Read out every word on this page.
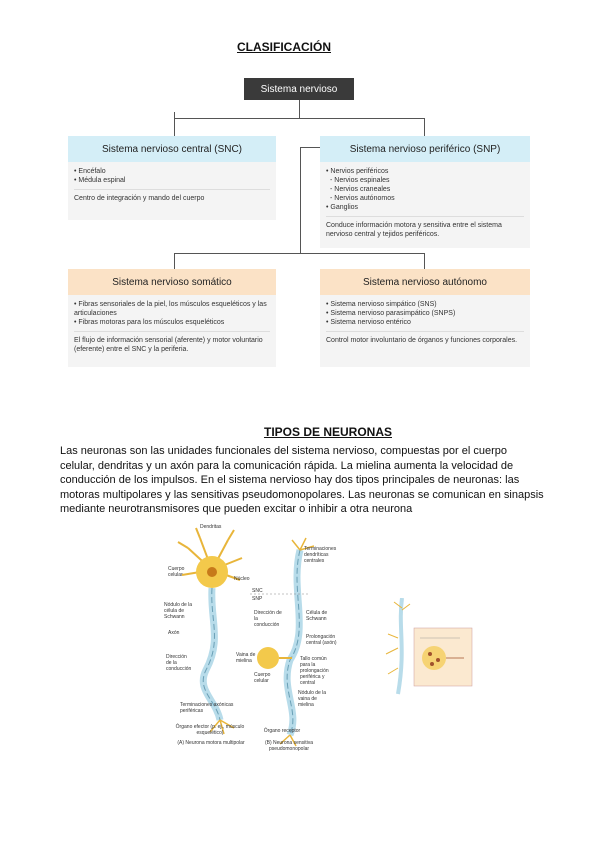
CLASIFICACIÓN
Sistema nervioso
Sistema nervioso central (SNC)
• Encéfalo
• Médula espinal
Centro de integración y mando del cuerpo
Sistema nervioso periférico (SNP)
• Nervios periféricos
- Nervios espinales
- Nervios craneales
- Nervios autónomos
• Ganglios
Conduce información motora y sensitiva entre el sistema nervioso central y tejidos periféricos.
Sistema nervioso somático
• Fibras sensoriales de la piel, los músculos esqueléticos y las articulaciones
• Fibras motoras para los músculos esqueléticos
El flujo de información sensorial (aferente) y motor voluntario (eferente) entre el SNC y la periferia.
Sistema nervioso autónomo
• Sistema nervioso simpático (SNS)
• Sistema nervioso parasimpático (SNPS)
• Sistema nervioso entérico
Control motor involuntario de órganos y funciones corporales.
TIPOS DE NEURONAS
Las neuronas son las unidades funcionales del sistema nervioso, compuestas por el cuerpo celular, dendritas y un axón para la comunicación rápida. La mielina aumenta la velocidad de conducción de los impulsos. En el sistema nervioso hay dos tipos principales de neuronas: las motoras multipolares y las sensitivas pseudomonopolares. Las neuronas se comunican en sinapsis mediante neurotransmisores que pueden excitar o inhibir a otra neurona
Dendritas
Cuerpo celular
Núcleo
Nódulo de la célula de Schwann
Axón
Dirección de la conducción
Vaina de mielina
Terminaciones axónicas periféricas
Órgano efector (p. ej., músculo esquelético)
(A) Neurona motora multipolar
Terminaciones dendríticas centrales
SNC
SNP
Dirección de la conducción
Célula de Schwann
Prolongación central (axón)
Tallo común para la prolongación periférica y central
Cuerpo celular
Nódulo de la vaina de mielina
Órgano receptor
(B) Neurona sensitiva pseudomonopolar
